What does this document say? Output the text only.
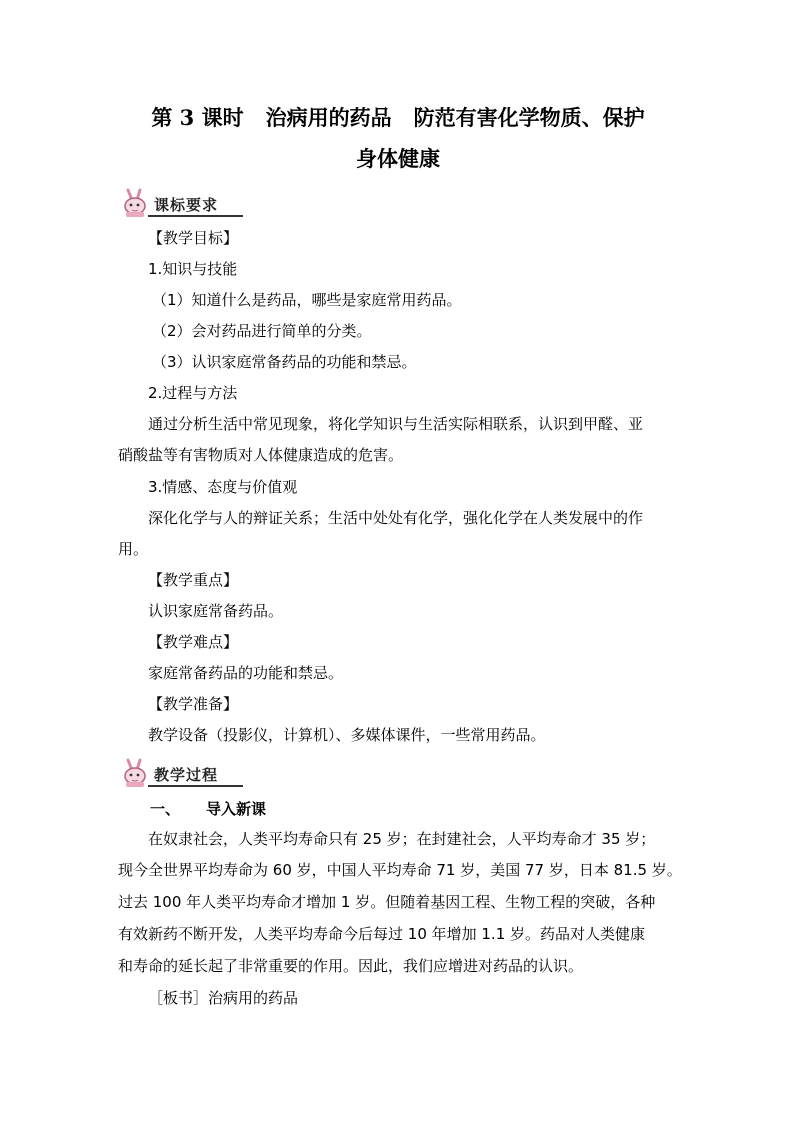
第 3 课时 治病用的药品 防范有害化学物质、保护
身体健康
课标要求
【教学目标】
1.知识与技能
（1）知道什么是药品，哪些是家庭常用药品。
（2）会对药品进行简单的分类。
（3）认识家庭常备药品的功能和禁忌。
2.过程与方法
通过分析生活中常见现象，将化学知识与生活实际相联系，认识到甲醛、亚
硝酸盐等有害物质对人体健康造成的危害。
3.情感、态度与价值观
深化化学与人的辩证关系；生活中处处有化学，强化化学在人类发展中的作
用。
【教学重点】
认识家庭常备药品。
【教学难点】
家庭常备药品的功能和禁忌。
【教学准备】
教学设备（投影仪，计算机）、多媒体课件，一些常用药品。
教学过程
一、 导入新课
在奴隶社会，人类平均寿命只有 25 岁；在封建社会，人平均寿命才 35 岁；
现今全世界平均寿命为 60 岁，中国人平均寿命 71 岁，美国 77 岁，日本 81.5 岁。
过去 100 年人类平均寿命才增加 1 岁。但随着基因工程、生物工程的突破，各种
有效新药不断开发，人类平均寿命今后每过 10 年增加 1.1 岁。药品对人类健康
和寿命的延长起了非常重要的作用。因此，我们应增进对药品的认识。
［板书］治病用的药品
